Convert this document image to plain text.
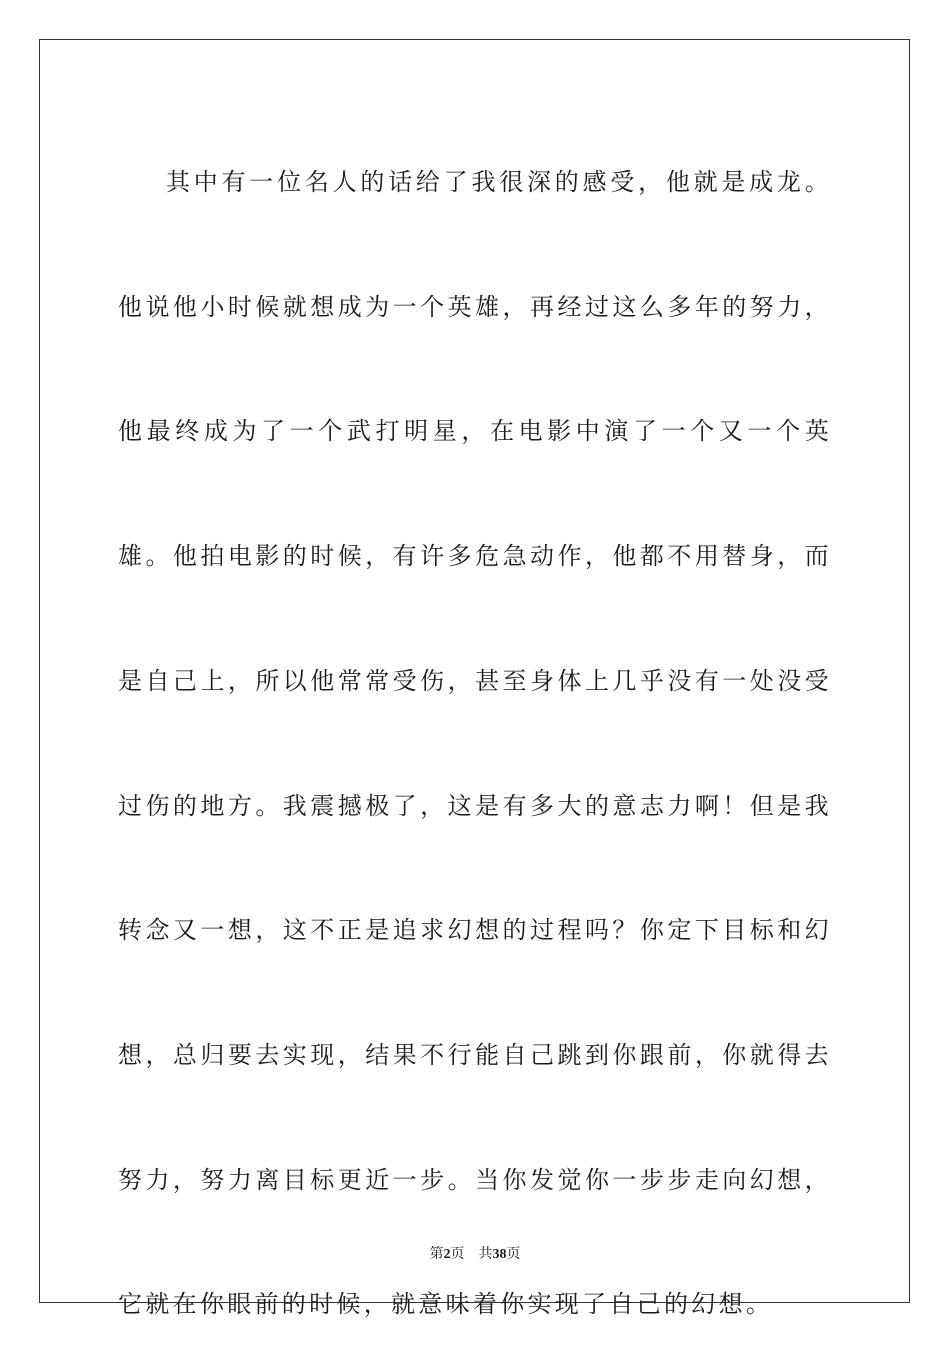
其中有一位名人的话给了我很深的感受，他就是成龙。他说他小时候就想成为一个英雄，再经过这么多年的努力，他最终成为了一个武打明星，在电影中演了一个又一个英雄。他拍电影的时候，有许多危急动作，他都不用替身，而是自己上，所以他常常受伤，甚至身体上几乎没有一处没受过伤的地方。我震撼极了，这是有多大的意志力啊！但是我转念又一想，这不正是追求幻想的过程吗？你定下目标和幻想，总归要去实现，结果不行能自己跳到你跟前，你就得去努力，努力离目标更近一步。当你发觉你一步步走向幻想，它就在你眼前的时候，就意味着你实现了自己的幻想。

第2页 共38页
